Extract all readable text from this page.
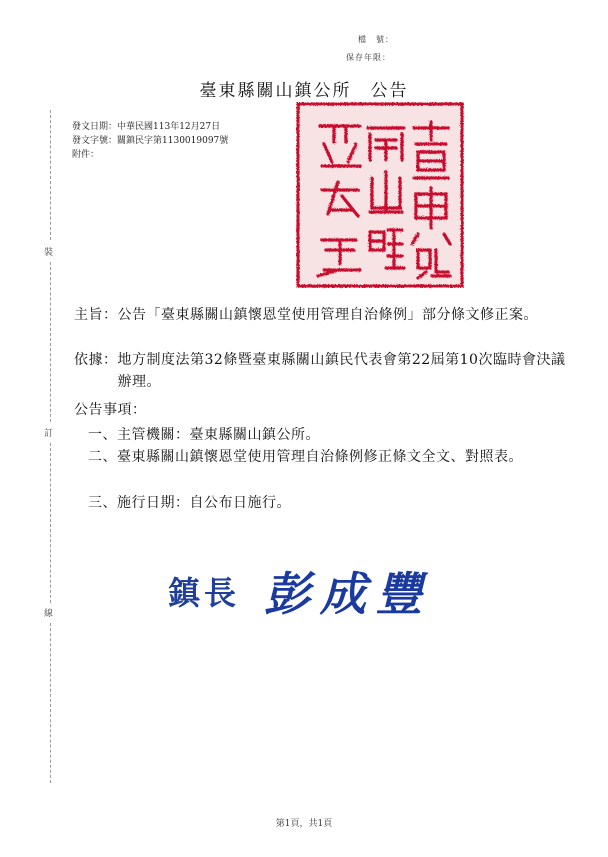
檔　號：
保存年限：
臺東縣關山鎮公所　公告
發文日期：中華民國113年12月27日
發文字號：關鎮民字第1130019097號
附件：
裝
訂
線
主旨： 公告「臺東縣關山鎮懷恩堂使用管理自治條例」部分條文修正案。
依據： 地方制度法第32條暨臺東縣關山鎮民代表會第22屆第10次臨時會決議辦理。
公告事項：
一、 主管機關：臺東縣關山鎮公所。
二、 臺東縣關山鎮懷恩堂使用管理自治條例修正條文全文、對照表。
三、 施行日期：自公布日施行。
鎮長 彭成豐
第1頁，共1頁
